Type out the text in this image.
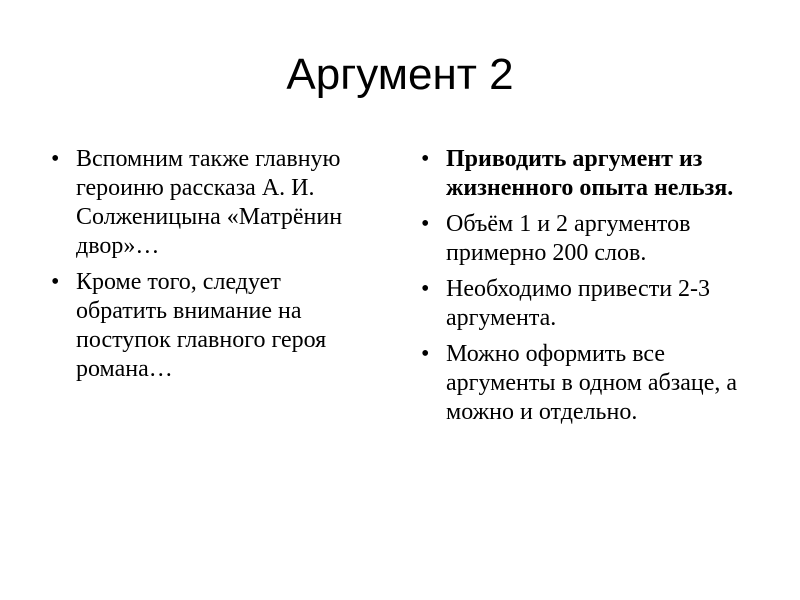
Аргумент 2
• Вспомним также главную героиню рассказа А. И. Солженицына «Матрёнин двор»…
• Кроме того, следует обратить внимание на поступок главного героя романа…
• Приводить аргумент из жизненного опыта нельзя.
• Объём 1 и 2 аргументов примерно 200 слов.
• Необходимо привести 2-3 аргумента.
• Можно оформить все аргументы в одном абзаце, а можно и отдельно.
